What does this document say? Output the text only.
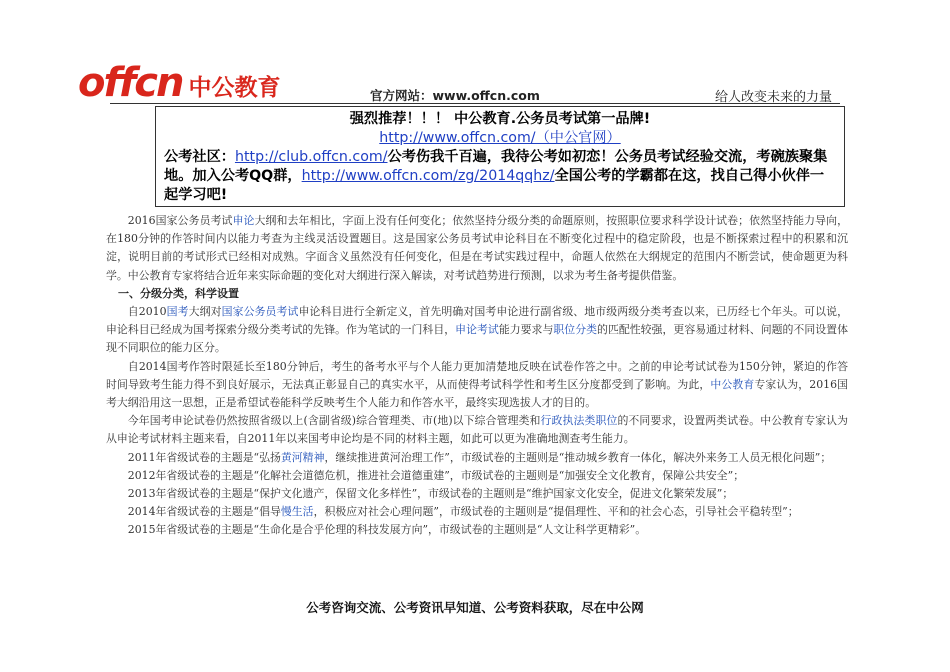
offcn 中公教育	官方网站：www.offcn.com	给人改变未来的力量
强烈推荐！！！ 中公教育.公务员考试第一品牌!
http://www.offcn.com/（中公官网）
公考社区：http://club.offcn.com/公考伤我千百遍，我待公考如初恋！公务员考试经验交流，考碗族聚集地。加入公考QQ群，http://www.offcn.com/zg/2014qqhz/全国公考的学霸都在这，找自己得小伙伴一起学习吧!

2016国家公务员考试申论大纲和去年相比，字面上没有任何变化；依然坚持分级分类的命题原则，按照职位要求科学设计试卷；依然坚持能力导向，在180分钟的作答时间内以能力考查为主线灵活设置题目。这是国家公务员考试申论科目在不断变化过程中的稳定阶段，也是不断探索过程中的积累和沉淀，说明目前的考试形式已经相对成熟。字面含义虽然没有任何变化，但是在考试实践过程中，命题人依然在大纲规定的范围内不断尝试，使命题更为科学。中公教育专家将结合近年来实际命题的变化对大纲进行深入解读，对考试趋势进行预测，以求为考生备考提供借鉴。

一、分级分类，科学设置

自2010国考大纲对国家公务员考试申论科目进行全新定义，首先明确对国考申论进行副省级、地市级两级分类考查以来，已历经七个年头。可以说，申论科目已经成为国考探索分级分类考试的先锋。作为笔试的一门科目，申论考试能力要求与职位分类的匹配性较强，更容易通过材料、问题的不同设置体现不同职位的能力区分。

自2014国考作答时限延长至180分钟后，考生的备考水平与个人能力更加清楚地反映在试卷作答之中。之前的申论考试试卷为150分钟，紧迫的作答时间导致考生能力得不到良好展示，无法真正彰显自己的真实水平，从而使得考试科学性和考生区分度都受到了影响。为此，中公教育专家认为，2016国考大纲沿用这一思想，正是希望试卷能科学反映考生个人能力和作答水平，最终实现选拔人才的目的。

今年国考申论试卷仍然按照省级以上(含副省级)综合管理类、市(地)以下综合管理类和行政执法类职位的不同要求，设置两类试卷。中公教育专家认为从申论考试材料主题来看，自2011年以来国考申论均是不同的材料主题，如此可以更为准确地测查考生能力。

2011年省级试卷的主题是“弘扬黄河精神，继续推进黄河治理工作”，市级试卷的主题则是“推动城乡教育一体化，解决外来务工人员无根化问题”；

2012年省级试卷的主题是“化解社会道德危机，推进社会道德重建”，市级试卷的主题则是“加强安全文化教育，保障公共安全”；

2013年省级试卷的主题是“保护文化遗产，保留文化多样性”，市级试卷的主题则是“维护国家文化安全，促进文化繁荣发展”；

2014年省级试卷的主题是“倡导慢生活，积极应对社会心理问题”，市级试卷的主题则是“提倡理性、平和的社会心态，引导社会平稳转型”；

2015年省级试卷的主题是“生命化是合乎伦理的科技发展方向”，市级试卷的主题则是“人文让科学更精彩”。

公考咨询交流、公考资讯早知道、公考资料获取，尽在中公网
